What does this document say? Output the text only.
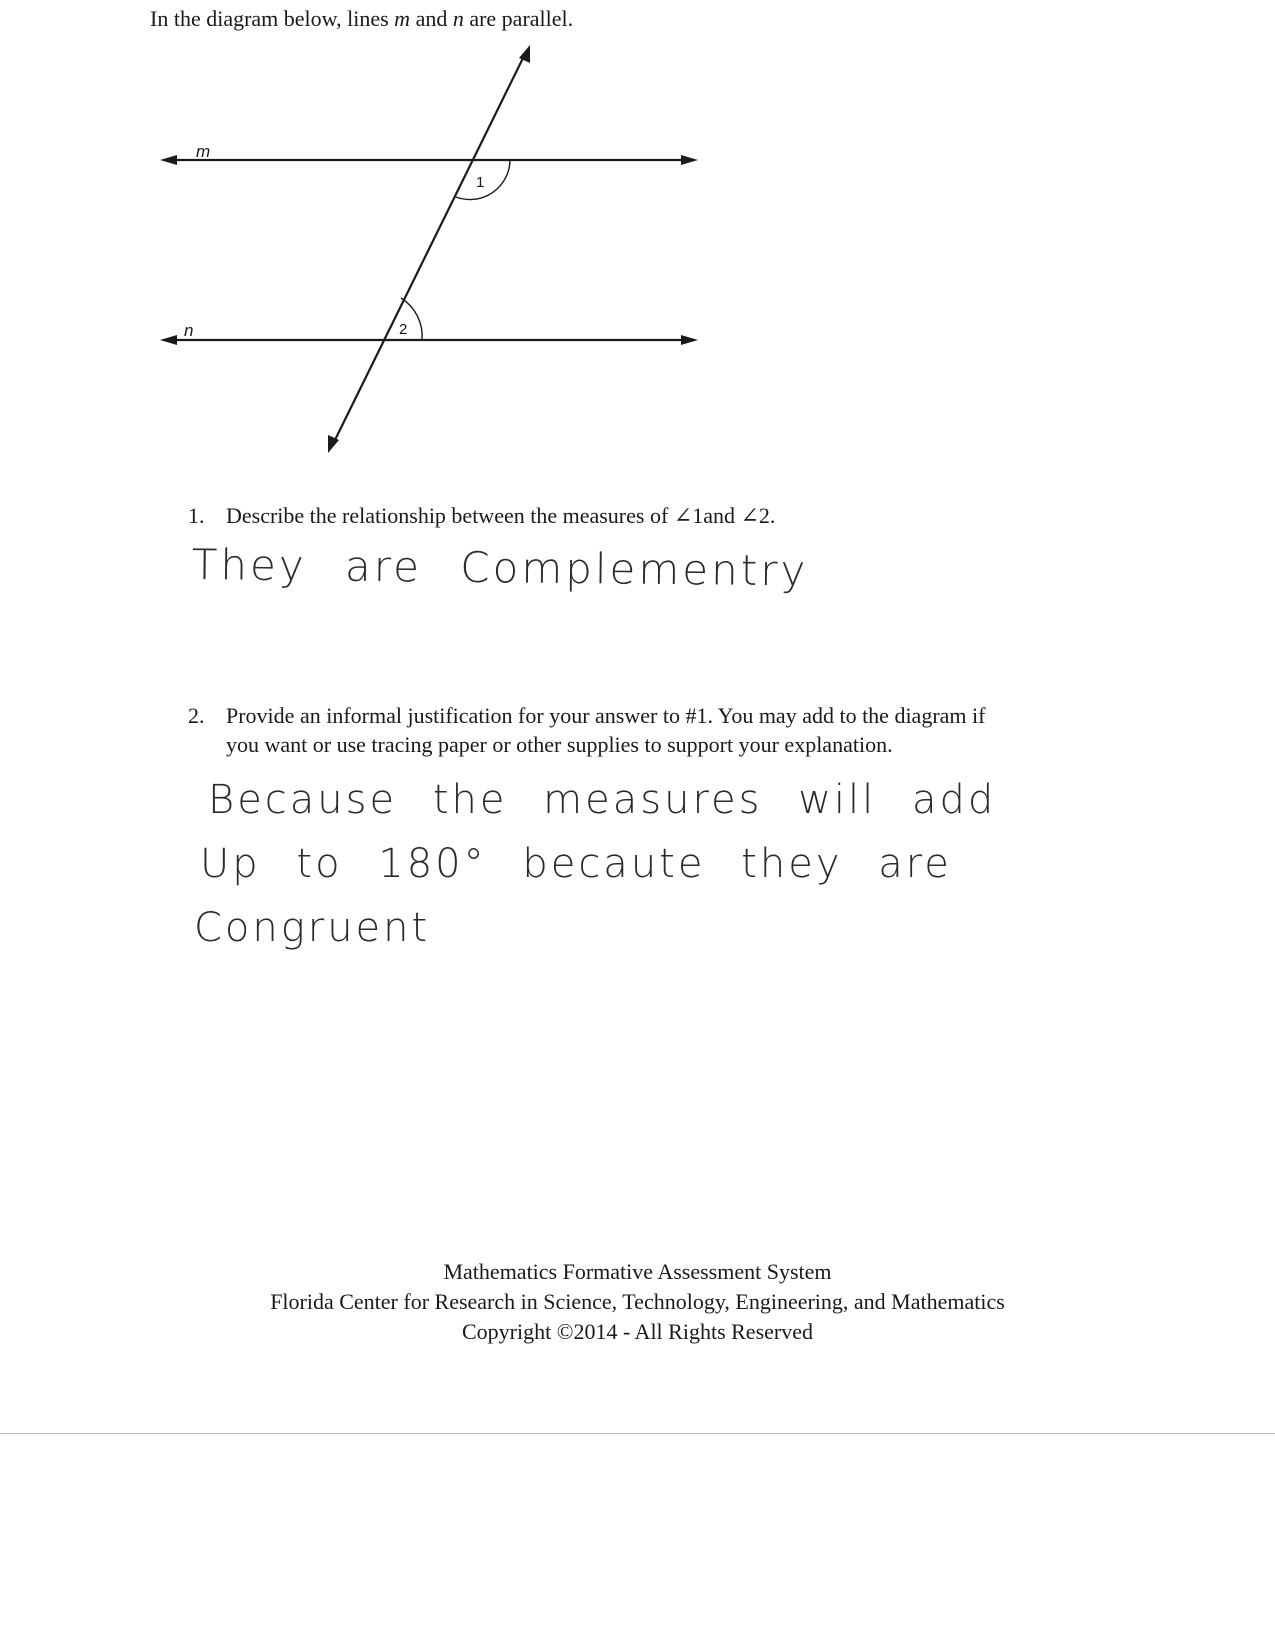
In the diagram below, lines m and n are parallel.
m
n
1
2
1. Describe the relationship between the measures of ∠1and ∠2.
They are Complementry
2. Provide an informal justification for your answer to #1. You may add to the diagram if
you want or use tracing paper or other supplies to support your explanation.
Because the measures will add
Up to 180° becaute they are
Congruent
Mathematics Formative Assessment System
Florida Center for Research in Science, Technology, Engineering, and Mathematics
Copyright ©2014 - All Rights Reserved
